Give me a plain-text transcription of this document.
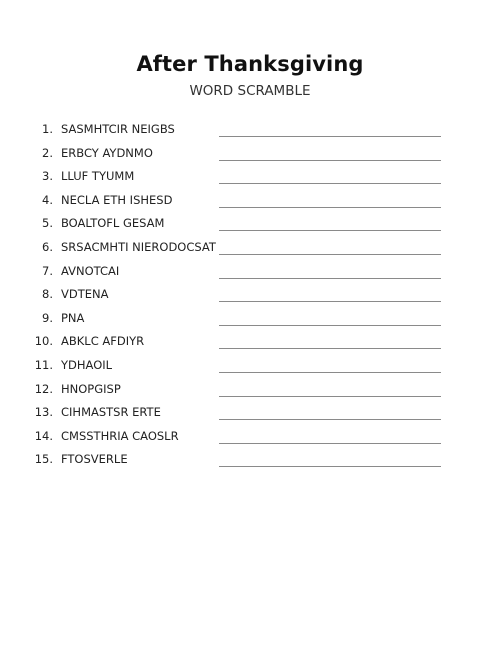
After Thanksgiving
WORD SCRAMBLE
1. SASMHTCIR NEIGBS
2. ERBCY AYDNMO
3. LLUF TYUMM
4. NECLA ETH ISHESD
5. BOALTOFL GESAM
6. SRSACMHTI NIERODOCSAT
7. AVNOTCAI
8. VDTENA
9. PNA
10. ABKLC AFDIYR
11. YDHAOIL
12. HNOPGISP
13. CIHMASTSR ERTE
14. CMSSTHRIA CAOSLR
15. FTOSVERLE
